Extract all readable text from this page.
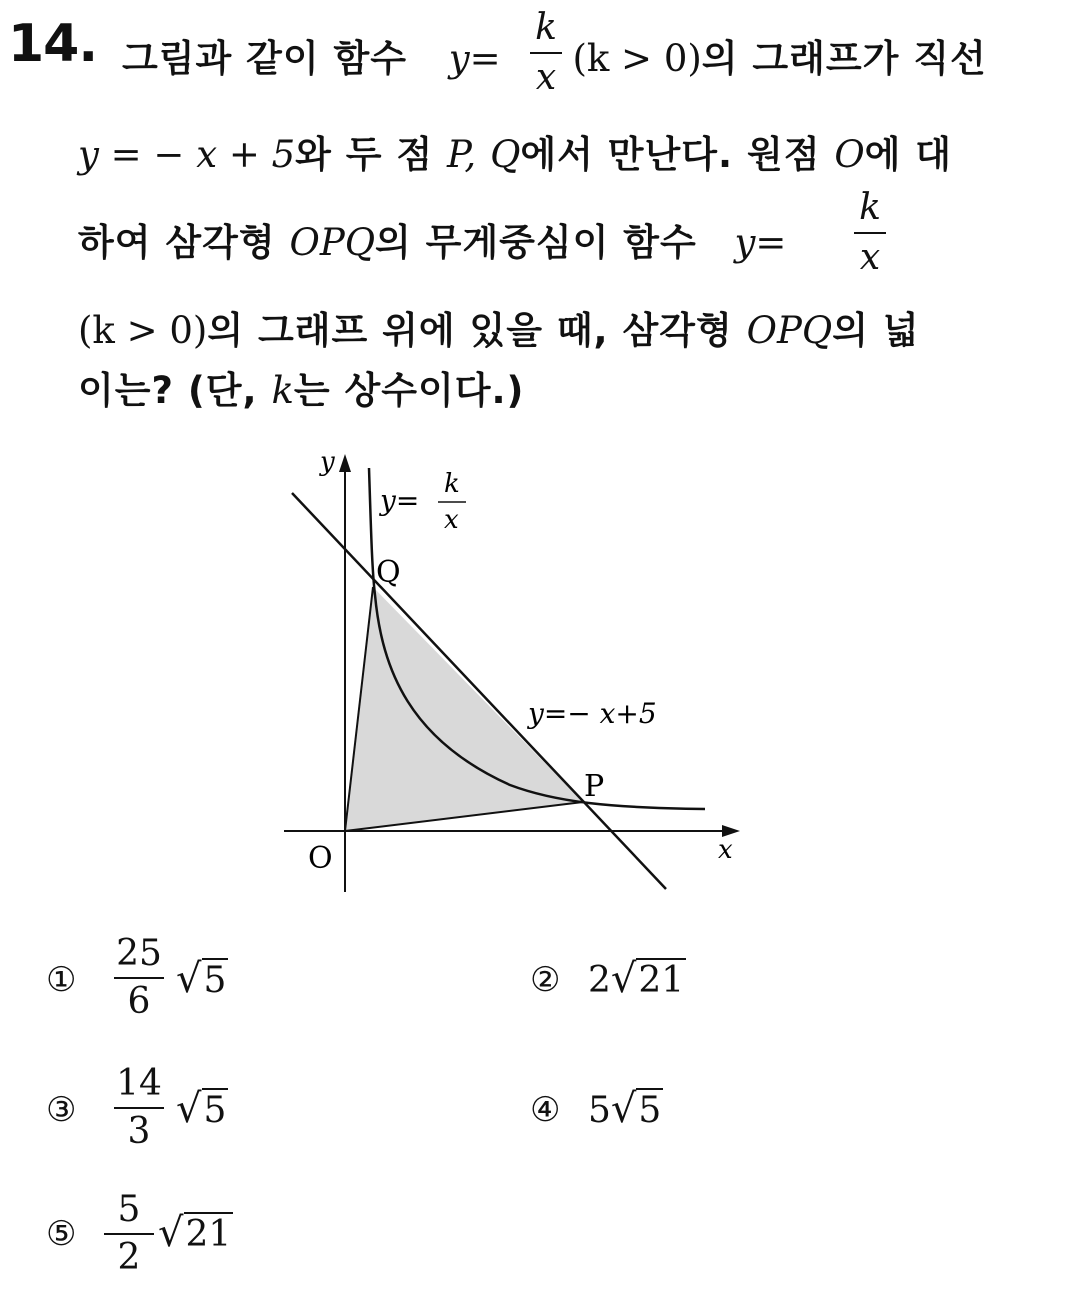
14. 그림과 같이 함수 y= (k > 0)의 그래프가 직선
k
x
y = − x + 5와 두 점 P, Q에서 만난다. 원점 O에 대
하여 삼각형 OPQ의 무게중심이 함수 y=
k
x
(k > 0)의 그래프 위에 있을 때, 삼각형 OPQ의 넓
이는? (단, k는 상수이다.)
y
x
O
Q
P
y= k
x
y=− x+5
①
25
6 √5	② 2√21
③
14
3 √5	④ 5√5
⑤
5
2
√21
